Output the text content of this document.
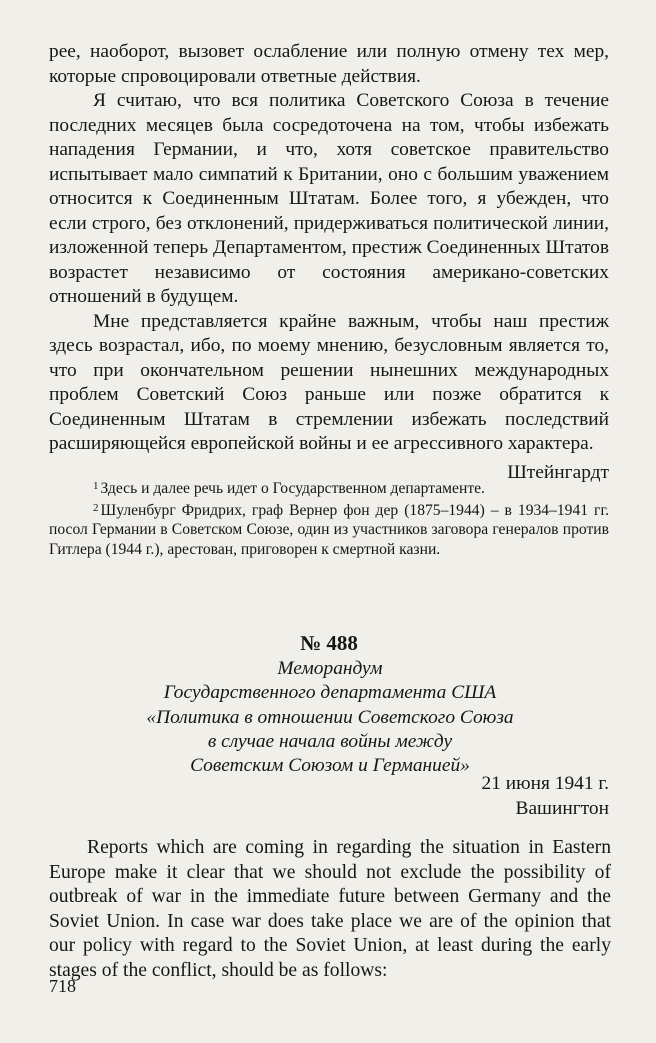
рее, наоборот, вызовет ослабление или полную отмену тех мер, которые спровоцировали ответные действия.

Я считаю, что вся политика Советского Союза в течение последних месяцев была сосредоточена на том, чтобы избежать нападения Германии, и что, хотя советское правительство испытывает мало симпатий к Британии, оно с большим уважением относится к Соединенным Штатам. Более того, я убежден, что если строго, без отклонений, придерживаться политической линии, изложенной теперь Департаментом, престиж Соединенных Штатов возрастет независимо от состояния американо-советских отношений в будущем.

Мне представляется крайне важным, чтобы наш престиж здесь возрастал, ибо, по моему мнению, безусловным является то, что при окончательном решении нынешних международных проблем Советский Союз раньше или позже обратится к Соединенным Штатам в стремлении избежать последствий расширяющейся европейской войны и ее агрессивного характера.

Штейнгардт

$^1$ Здесь и далее речь идет о Государственном департаменте.

$^2$ Шуленбург Фридрих, граф Вернер фон дер (1875–1944) – в 1934–1941 гг. посол Германии в Советском Союзе, один из участников заговора генералов против Гитлера (1944 г.), арестован, приговорен к смертной казни.

№ 488

Меморандум
Государственного департамента США
«Политика в отношении Советского Союза
в случае начала войны между
Советским Союзом и Германией»

21 июня 1941 г.

Вашингтон

Reports which are coming in regarding the situation in Eastern Europe make it clear that we should not exclude the possibility of outbreak of war in the immediate future between Germany and the Soviet Union. In case war does take place we are of the opinion that our policy with regard to the Soviet Union, at least during the early stages of the conflict, should be as follows:

718
